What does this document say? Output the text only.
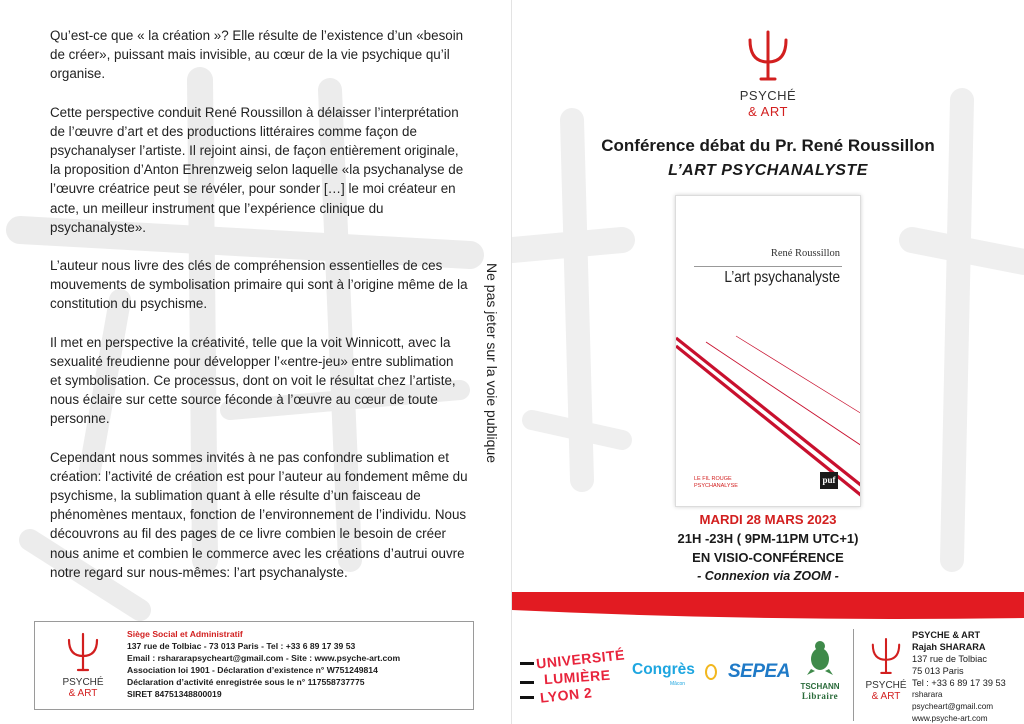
Qu’est-ce que « la création »? Elle résulte de l’existence d’un «besoin de créer», puissant mais invisible, au cœur de la vie psychique qu’il organise.

Cette perspective conduit René Roussillon à délaisser l’interprétation de l’œuvre d’art et des productions littéraires comme façon de psychanalyser l’artiste. Il rejoint ainsi, de façon entièrement originale, la proposition d’Anton Ehrenzweig selon laquelle «la psychanalyse de l’œuvre créatrice peut se révéler, pour sonder […] le moi créateur en acte, un meilleur instrument que l’expérience clinique du psychanalyste».

L’auteur nous livre des clés de compréhension essentielles de ces mouvements de symbolisation primaire qui sont à l’origine même de la constitution du psychisme.

Il met en perspective la créativité, telle que la voit Winnicott, avec la sexualité freudienne pour développer l’«entre-jeu» entre sublimation et symbolisation. Ce processus, dont on voit le résultat chez l’artiste, nous éclaire sur cette source féconde à l’œuvre au cœur de toute personne.

Cependant nous sommes invités à ne pas confondre sublimation et création: l’activité de création est pour l’auteur au fondement même du psychisme, la sublimation quant à elle résulte d’un faisceau de phénomènes mentaux, fonction de l’environnement de l’individu. Nous découvrons au fil des pages de ce livre combien le besoin de créer nous anime et combien le commerce avec les créations d’autrui ouvre notre regard sur nous-mêmes: l’art psychanalyste.

Ne pas jeter sur la voie publique
PSYCHÉ
& ART
Siège Social et Administratif
137 rue de Tolbiac - 73 013 Paris - Tel : +33 6 89 17 39 53
Email : rshararapsycheart@gmail.com - Site : www.psyche-art.com
Association loi 1901 - Déclaration d’existence n° W751249814
Déclaration d’activité enregistrée sous le n° 117558737775
SIRET 84751348800019
PSYCHÉ
& ART
Conférence débat du Pr. René Roussillon
L’ART PSYCHANALYSTE
René Roussillon
L’art psychanalyste
LE FIL ROUGE
PSYCHANALYSE
puf
MARDI 28 MARS 2023
21H -23H ( 9PM-11PM UTC+1)
EN VISIO-CONFÉRENCE
- Connexion via ZOOM -
UNIVERSITÉ
LUMIÈRE
LYON 2
Congrès
Mâcon
SEPEA
TSCHANN
Libraire
PSYCHÉ
& ART
PSYCHE & ART
Rajah SHARARA
137 rue de Tolbiac
75 013 Paris
Tel : +33 6 89 17 39 53
rsharara psycheart@gmail.com
www.psyche-art.com
